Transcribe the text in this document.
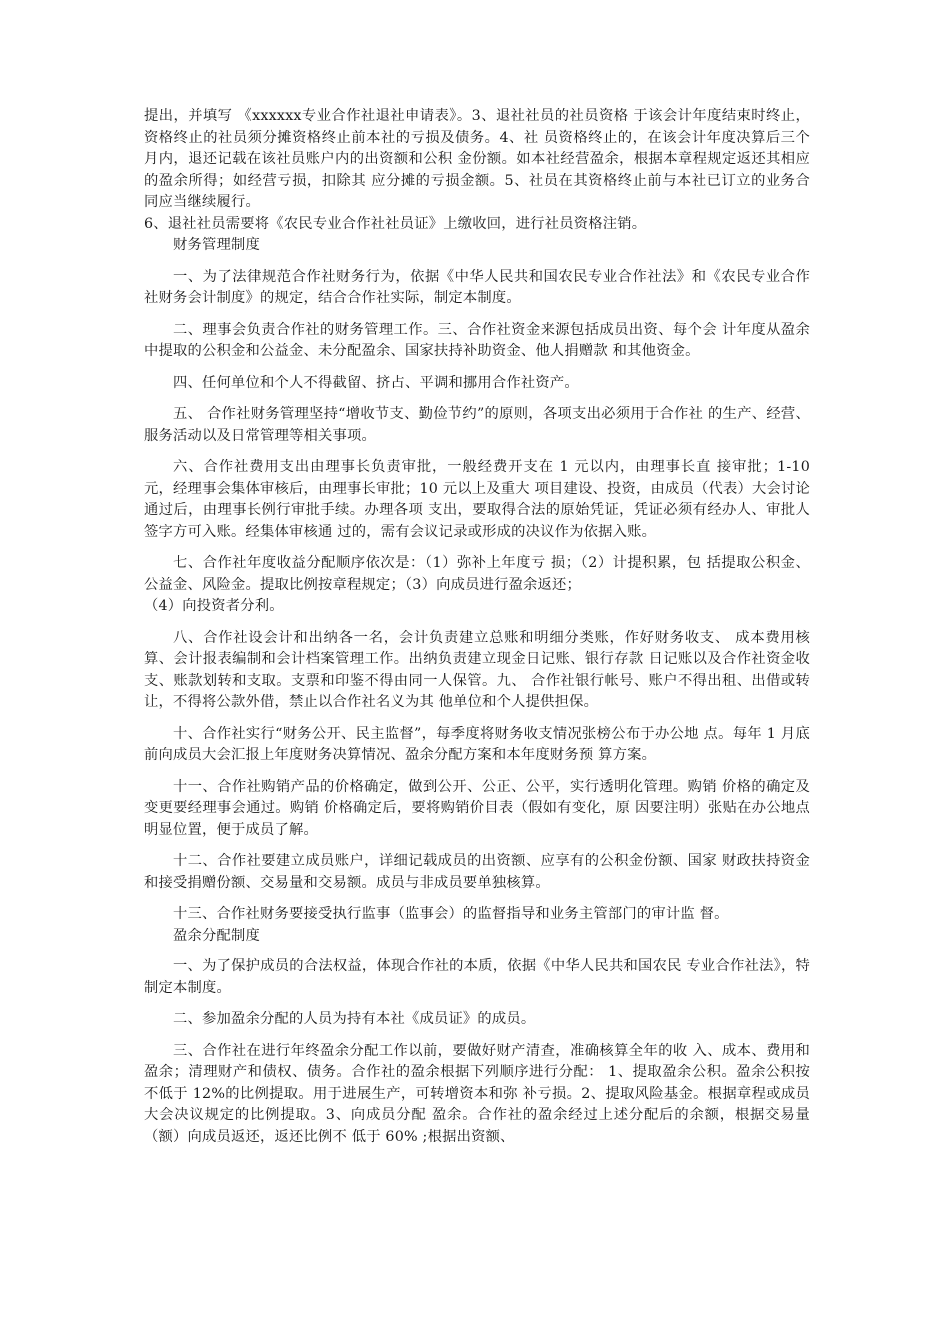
提出，并填写 《xxxxxx专业合作社退社申请表》。3、退社社员的社员资格 于该会计年度结束时终止，资格终止的社员须分摊资格终止前本社的亏损及债务。4、社 员资格终止的，在该会计年度决算后三个月内，退还记载在该社员账户内的出资额和公积 金份额。如本社经营盈余，根据本章程规定返还其相应的盈余所得；如经营亏损，扣除其 应分摊的亏损金额。5、社员在其资格终止前与本社已订立的业务合同应当继续履行。

6、退社社员需要将《农民专业合作社社员证》上缴收回，进行社员资格注销。

财务管理制度

一、为了法律规范合作社财务行为，依据《中华人民共和国农民专业合作社法》和《农民专业合作社财务会计制度》的规定，结合合作社实际，制定本制度。

二、理事会负责合作社的财务管理工作。三、合作社资金来源包括成员出资、每个会 计年度从盈余中提取的公积金和公益金、未分配盈余、国家扶持补助资金、他人捐赠款 和其他资金。

四、任何单位和个人不得截留、挤占、平调和挪用合作社资产。

五、 合作社财务管理坚持“增收节支、勤俭节约”的原则，各项支出必须用于合作社 的生产、经营、服务活动以及日常管理等相关事项。

六、合作社费用支出由理事长负责审批，一般经费开支在 1 元以内，由理事长直 接审批；1-10 元，经理事会集体审核后，由理事长审批；10 元以上及重大 项目建设、投资，由成员（代表）大会讨论通过后，由理事长例行审批手续。办理各项 支出，要取得合法的原始凭证，凭证必须有经办人、审批人签字方可入账。经集体审核通 过的，需有会议记录或形成的决议作为依据入账。

七、合作社年度收益分配顺序依次是：（1）弥补上年度亏 损；（2）计提积累，包 括提取公积金、公益金、风险金。提取比例按章程规定；（3）向成员进行盈余返还；

（4）向投资者分利。

八、合作社设会计和出纳各一名，会计负责建立总账和明细分类账，作好财务收支、 成本费用核算、会计报表编制和会计档案管理工作。出纳负责建立现金日记账、银行存款 日记账以及合作社资金收支、账款划转和支取。支票和印鉴不得由同一人保管。九、 合作社银行帐号、账户不得出租、出借或转让，不得将公款外借，禁止以合作社名义为其 他单位和个人提供担保。

十、合作社实行“财务公开、民主监督”，每季度将财务收支情况张榜公布于办公地 点。每年 1 月底前向成员大会汇报上年度财务决算情况、盈余分配方案和本年度财务预 算方案。

十一、合作社购销产品的价格确定，做到公开、公正、公平，实行透明化管理。购销 价格的确定及变更要经理事会通过。购销 价格确定后，要将购销价目表（假如有变化，原 因要注明）张贴在办公地点明显位置，便于成员了解。

十二、合作社要建立成员账户，详细记载成员的出资额、应享有的公积金份额、国家 财政扶持资金和接受捐赠份额、交易量和交易额。成员与非成员要单独核算。

十三、合作社财务要接受执行监事（监事会）的监督指导和业务主管部门的审计监 督。

盈余分配制度

一、为了保护成员的合法权益，体现合作社的本质，依据《中华人民共和国农民 专业合作社法》，特制定本制度。

二、参加盈余分配的人员为持有本社《成员证》的成员。

三、合作社在进行年终盈余分配工作以前，要做好财产清查，准确核算全年的收 入、成本、费用和盈余；清理财产和债权、债务。合作社的盈余根据下列顺序进行分配： 1、提取盈余公积。盈余公积按不低于 12%的比例提取。用于进展生产，可转增资本和弥 补亏损。2、提取风险基金。根据章程或成员大会决议规定的比例提取。3、向成员分配 盈余。合作社的盈余经过上述分配后的余额，根据交易量（额）向成员返还，返还比例不 低于 60% ;根据出资额、
